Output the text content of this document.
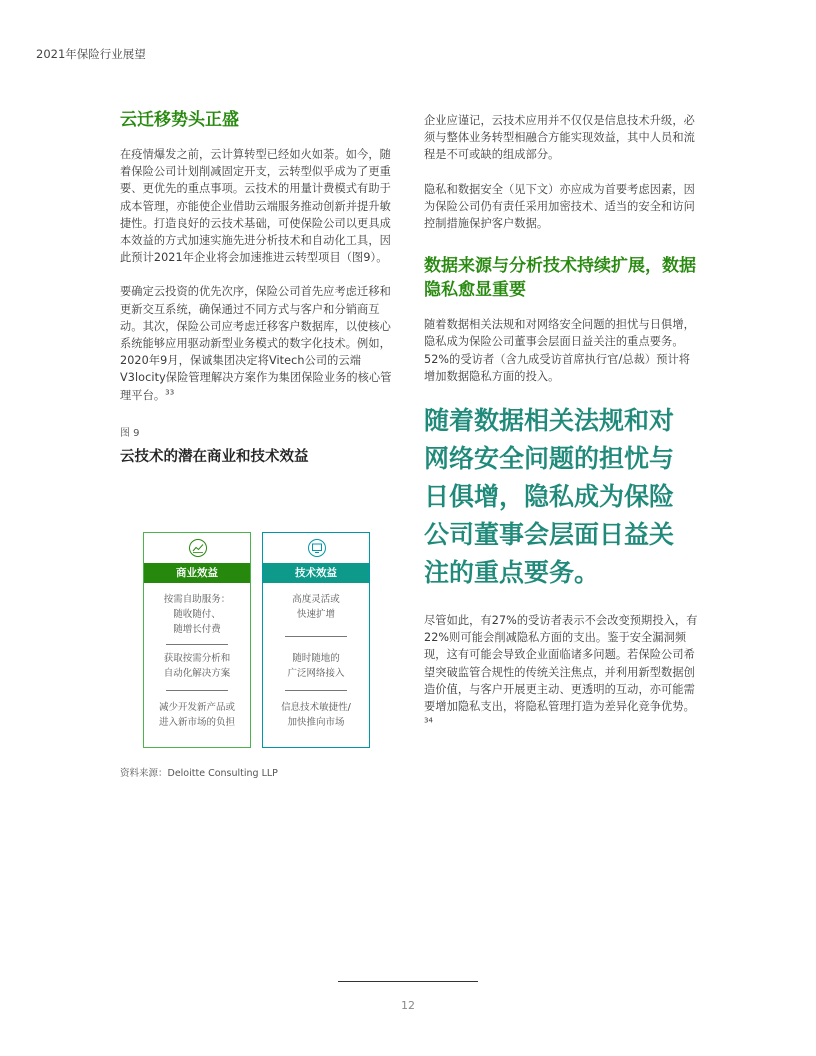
2021年保险行业展望
云迁移势头正盛

在疫情爆发之前，云计算转型已经如火如荼。如今，随着保险公司计划削减固定开支，云转型似乎成为了更重要、更优先的重点事项。云技术的用量计费模式有助于成本管理，亦能使企业借助云端服务推动创新并提升敏捷性。打造良好的云技术基础，可使保险公司以更具成本效益的方式加速实施先进分析技术和自动化工具，因此预计2021年企业将会加速推进云转型项目（图9）。

要确定云投资的优先次序，保险公司首先应考虑迁移和更新交互系统，确保通过不同方式与客户和分销商互动。其次，保险公司应考虑迁移客户数据库，以使核心系统能够应用驱动新型业务模式的数字化技术。例如，2020年9月，保诚集团决定将Vitech公司的云端V3locity保险管理解决方案作为集团保险业务的核心管理平台。$^{33}$

图 9
云技术的潜在商业和技术效益
商业效益
按需自助服务：
随收随付、
随增长付费
获取按需分析和
自动化解决方案
减少开发新产品或
进入新市场的负担
技术效益
高度灵活或
快速扩增
随时随地的
广泛网络接入
信息技术敏捷性/
加快推向市场
资料来源：Deloitte Consulting LLP

企业应谨记，云技术应用并不仅仅是信息技术升级，必须与整体业务转型相融合方能实现效益，其中人员和流程是不可或缺的组成部分。

隐私和数据安全（见下文）亦应成为首要考虑因素，因为保险公司仍有责任采用加密技术、适当的安全和访问控制措施保护客户数据。

数据来源与分析技术持续扩展，数据隐私愈显重要

随着数据相关法规和对网络安全问题的担忧与日俱增，隐私成为保险公司董事会层面日益关注的重点要务。52%的受访者（含九成受访首席执行官/总裁）预计将增加数据隐私方面的投入。

随着数据相关法规和对网络安全问题的担忧与日俱增，隐私成为保险公司董事会层面日益关注的重点要务。

尽管如此，有27%的受访者表示不会改变预期投入，有22%则可能会削减隐私方面的支出。鉴于安全漏洞频现，这有可能会导致企业面临诸多问题。若保险公司希望突破监管合规性的传统关注焦点，并利用新型数据创造价值，与客户开展更主动、更透明的互动，亦可能需要增加隐私支出，将隐私管理打造为差异化竞争优势。$^{34}$

12
